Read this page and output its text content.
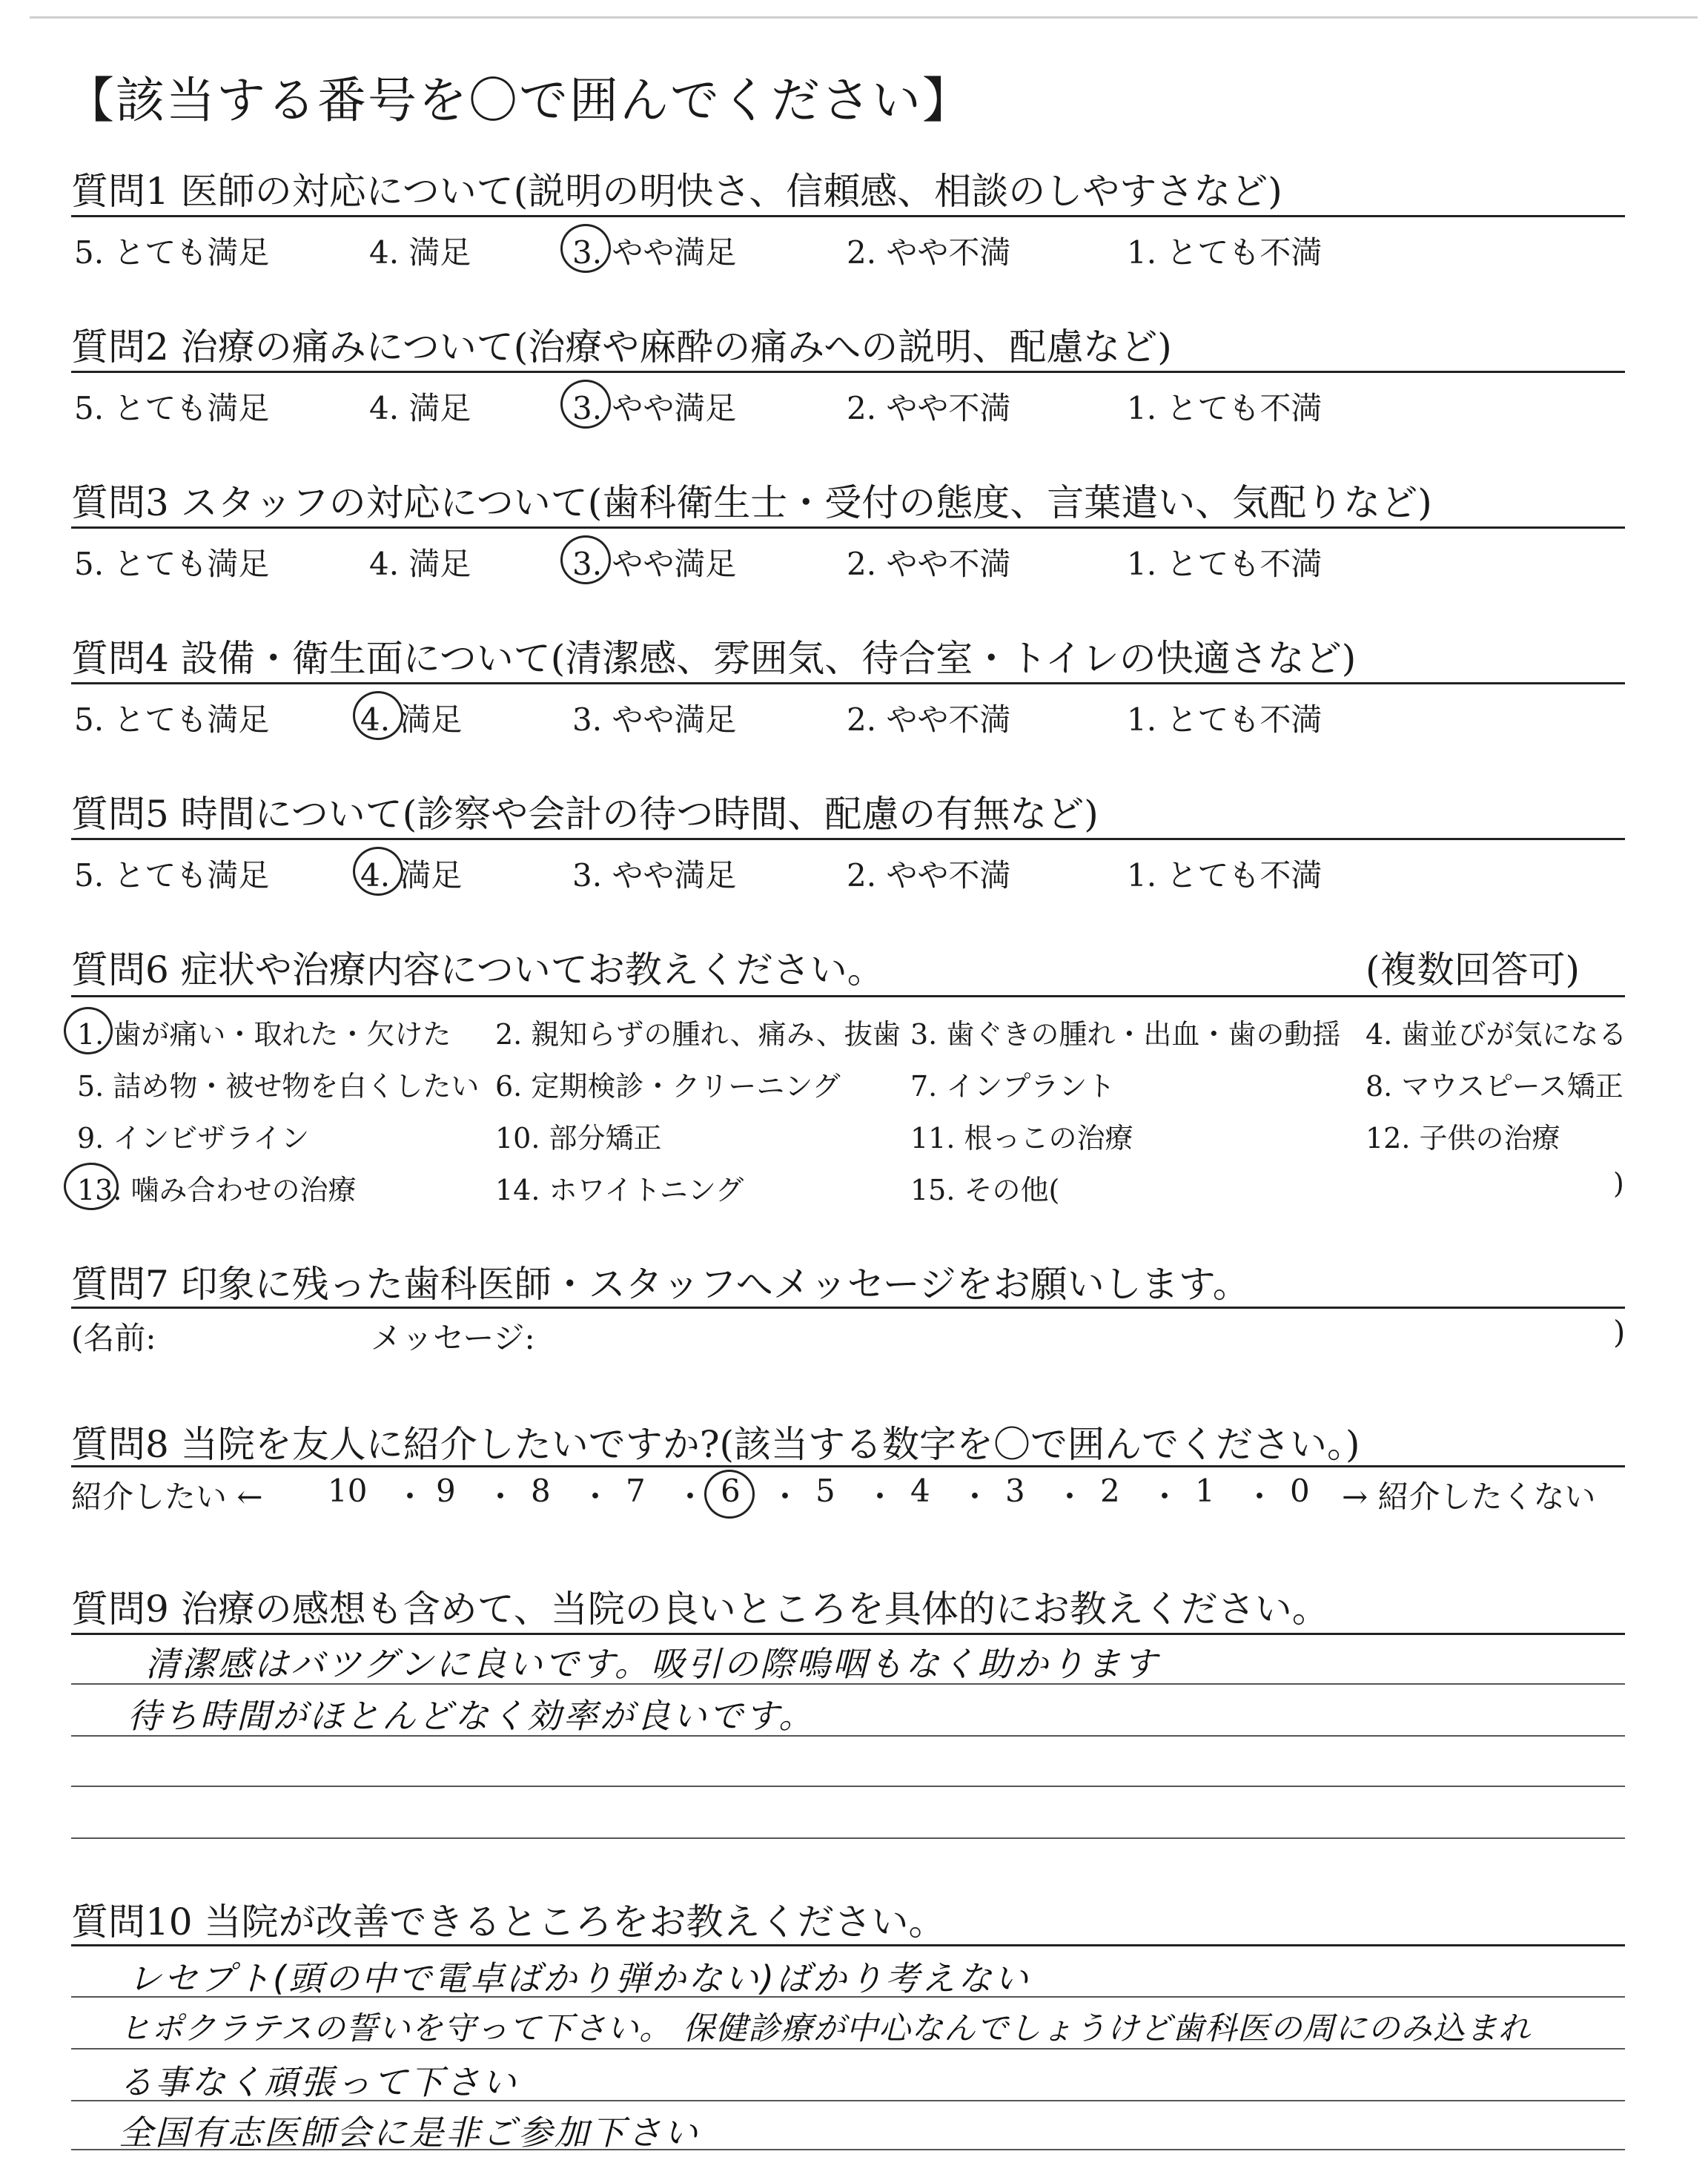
【該当する番号を〇で囲んでください】
質問1 医師の対応について(説明の明快さ、信頼感、相談のしやすさなど)
質問2 治療の痛みについて(治療や麻酔の痛みへの説明、配慮など)
質問3 スタッフの対応について(歯科衛生士・受付の態度、言葉遣い、気配りなど)
質問4 設備・衛生面について(清潔感、雰囲気、待合室・トイレの快適さなど)
質問5 時間について(診察や会計の待つ時間、配慮の有無など)
5. とても満足	4. 満足	3. やや満足	2. やや不満	1. とても不満
5. とても満足	4. 満足	3. やや満足	2. やや不満	1. とても不満
5. とても満足	4. 満足	3. やや満足	2. やや不満	1. とても不満
5. とても満足	4. 満足	3. やや満足	2. やや不満	1. とても不満
5. とても満足	4. 満足	3. やや満足	2. やや不満	1. とても不満
質問6 症状や治療内容についてお教えください。	(複数回答可)
1. 歯が痛い・取れた・欠けた 2. 親知らずの腫れ、痛み、抜歯 3. 歯ぐきの腫れ・出血・歯の動揺 4. 歯並びが気になる
5. 詰め物・被せ物を白くしたい 6. 定期検診・クリーニング 7. インプラント	8. マウスピース矯正
9. インビザライン	10. 部分矯正	11. 根っこの治療	12. 子供の治療
13. 噛み合わせの治療	14. ホワイトニング	15. その他(	)
質問7 印象に残った歯科医師・スタッフへメッセージをお願いします。
(名前:	メッセージ:	)
質問8 当院を友人に紹介したいですか?(該当する数字を〇で囲んでください。)
紹介したい ←	→ 紹介したくない
10 ・ 9 ・ 8 ・ 7 ・ 6 ・ 5 ・ 4 ・ 3 ・ 2 ・ 1 ・ 0
質問9 治療の感想も含めて、当院の良いところを具体的にお教えください。
清潔感はバツグンに良いです。吸引の際嗚咽もなく助かります
待ち時間がほとんどなく効率が良いです。
質問10 当院が改善できるところをお教えください。
レセプト(頭の中で電卓ばかり弾かない)ばかり考えない
ヒポクラテスの誓いを守って下さい。 保健診療が中心なんでしょうけど歯科医の周にのみ込まれ
る事なく頑張って下さい
全国有志医師会に是非ご参加下さい
